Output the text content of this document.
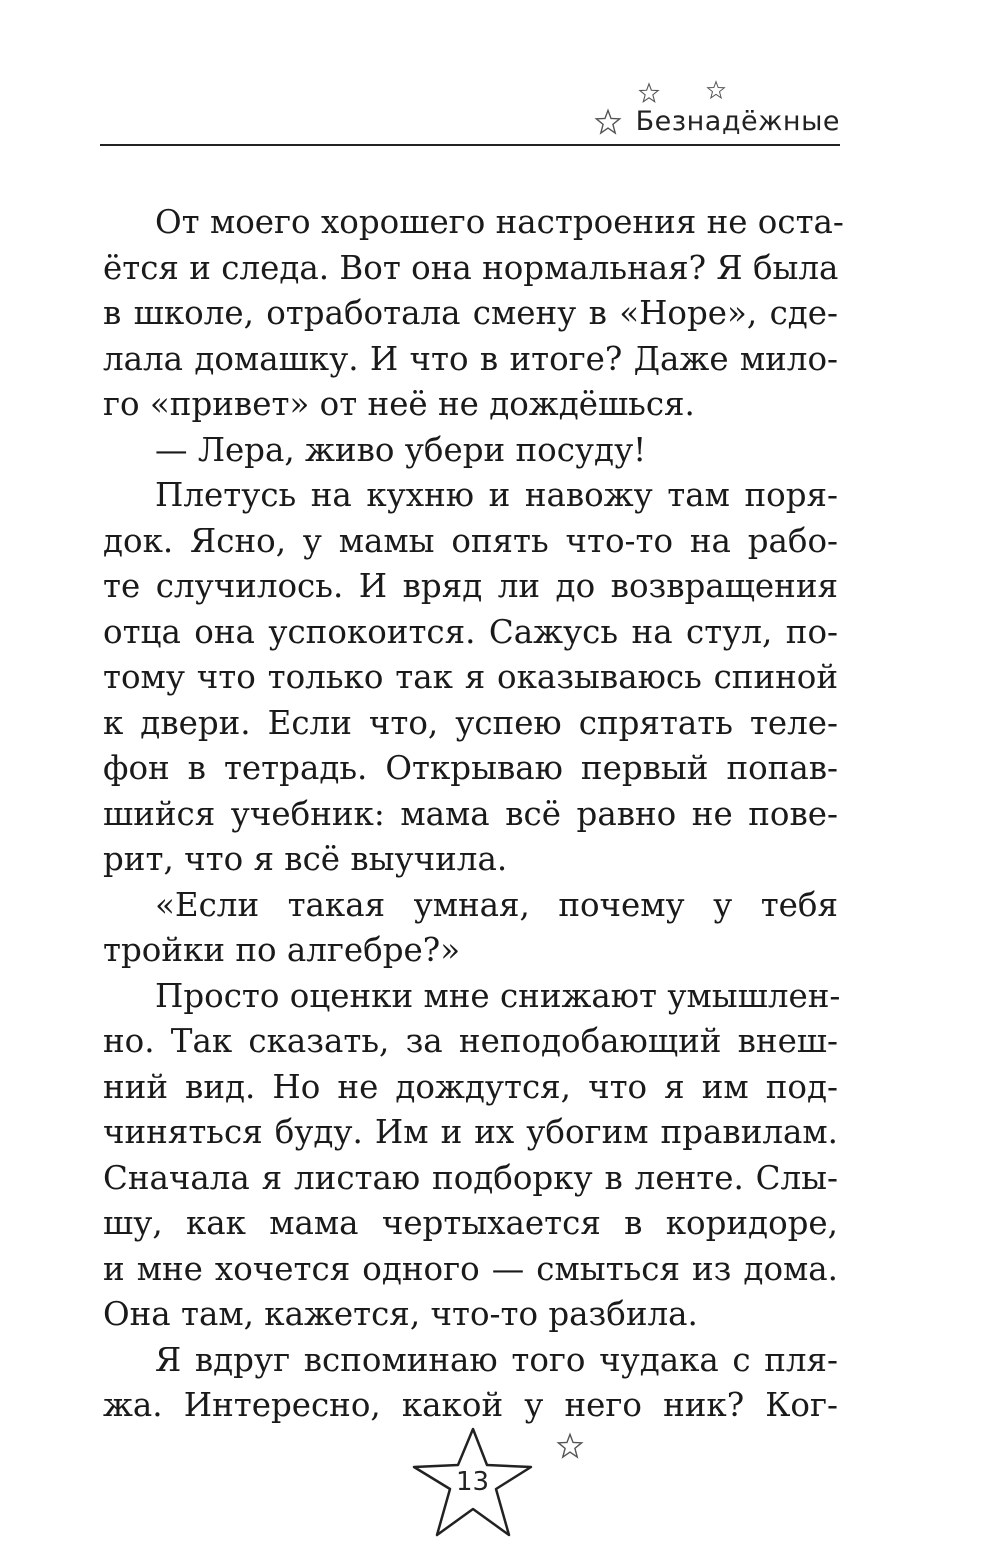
Безнадёжные
От моего хорошего настроения не оста-
ётся и следа. Вот она нормальная? Я была
в школе, отработала смену в «Норе», сде-
лала домашку. И что в итоге? Даже мило-
го «привет» от неё не дождёшься.
— Лера, живо убери посуду!
Плетусь на кухню и навожу там поря-
док. Ясно, у мамы опять что-то на рабо-
те случилось. И вряд ли до возвращения
отца она успокоится. Сажусь на стул, по-
тому что только так я оказываюсь спиной
к двери. Если что, успею спрятать теле-
фон в тетрадь. Открываю первый попав-
шийся учебник: мама всё равно не пове-
рит, что я всё выучила.
«Если такая умная, почему у тебя
тройки по алгебре?»
Просто оценки мне снижают умышлен-
но. Так сказать, за неподобающий внеш-
ний вид. Но не дождутся, что я им под-
чиняться буду. Им и их убогим правилам.
Сначала я листаю подборку в ленте. Слы-
шу, как мама чертыхается в коридоре,
и мне хочется одного — смыться из дома.
Она там, кажется, что-то разбила.
Я вдруг вспоминаю того чудака с пля-
жа. Интересно, какой у него ник? Ког-
13
